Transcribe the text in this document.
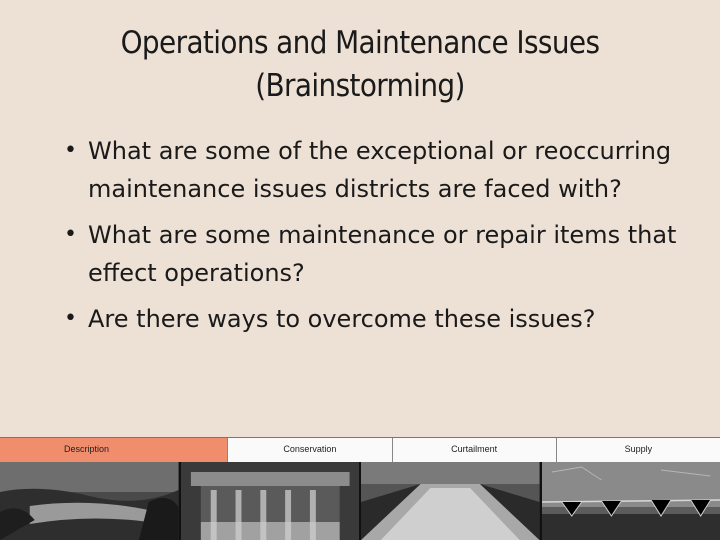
Operations and Maintenance Issues
(Brainstorming)
• What are some of the exceptional or reoccurring maintenance issues districts are faced with?
• What are some maintenance or repair items that effect operations?
• Are there ways to overcome these issues?
Description	Conservation	Curtailment	Supply
